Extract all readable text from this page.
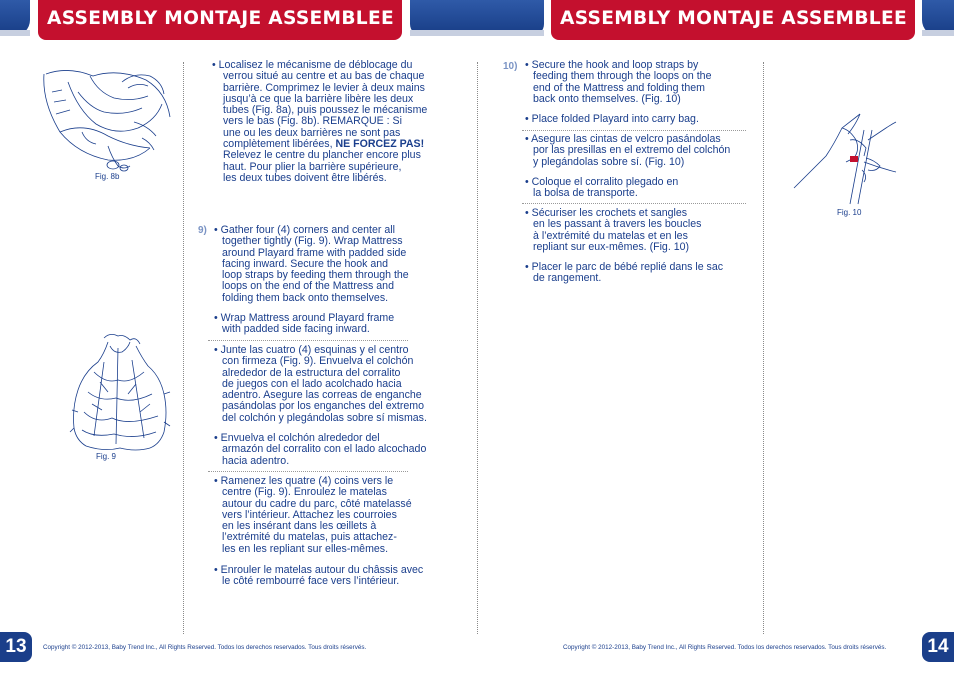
ASSEMBLY MONTAJE ASSEMBLEE	ASSEMBLY MONTAJE ASSEMBLEE
Fig. 8b
Fig. 9

• Localisez le mécanisme de déblocage du

verrou situé au centre et au bas de chaque

barrière. Comprimez le levier à deux mains

jusqu’à ce que la barrière libère les deux

tubes (Fig. 8a), puis poussez le mécanisme

vers le bas (Fig. 8b). REMARQUE : Si

une ou les deux barrières ne sont pas

complètement libérées, NE FORCEZ PAS!

Relevez le centre du plancher encore plus

haut. Pour plier la barrière supérieure,

les deux tubes doivent être libérés.

9) • Gather four (4) corners and center all

together tightly (Fig. 9). Wrap Mattress

around Playard frame with padded side

facing inward. Secure the hook and

loop straps by feeding them through the

loops on the end of the Mattress and

folding them back onto themselves.

• Wrap Mattress around Playard frame

with padded side facing inward.

• Junte las cuatro (4) esquinas y el centro

con firmeza (Fig. 9). Envuelva el colchón

alrededor de la estructura del corralito

de juegos con el lado acolchado hacia

adentro. Asegure las correas de enganche

pasándolas por los enganches del extremo

del colchón y plegándolas sobre sí mismas.

• Envuelva el colchón alrededor del

armazón del corralito con el lado alcochado

hacia adentro.

• Ramenez les quatre (4) coins vers le

centre (Fig. 9). Enroulez le matelas

autour du cadre du parc, côté matelassé

vers l’intérieur. Attachez les courroies

en les insérant dans les œillets à

l’extrémité du matelas, puis attachez-

les en les repliant sur elles-mêmes.

• Enrouler le matelas autour du châssis avec

le côté rembourré face vers l’intérieur.

10) • Secure the hook and loop straps by

feeding them through the loops on the

end of the Mattress and folding them

back onto themselves. (Fig. 10)

• Place folded Playard into carry bag.

• Asegure las cintas de velcro pasándolas

por las presillas en el extremo del colchón

y plegándolas sobre sí. (Fig. 10)

• Coloque el corralito plegado en

la bolsa de transporte.

• Sécuriser les crochets et sangles

en les passant à travers les boucles

à l’extrémité du matelas et en les

repliant sur eux-mêmes. (Fig. 10)

• Placer le parc de bébé replié dans le sac

de rangement.

Fig. 10
13	Copyright © 2012-2013, Baby Trend Inc., All Rights Reserved. Todos los derechos reservados. Tous droits réservés.	Copyright © 2012-2013, Baby Trend Inc., All Rights Reserved. Todos los derechos reservados. Tous droits réservés. 14
